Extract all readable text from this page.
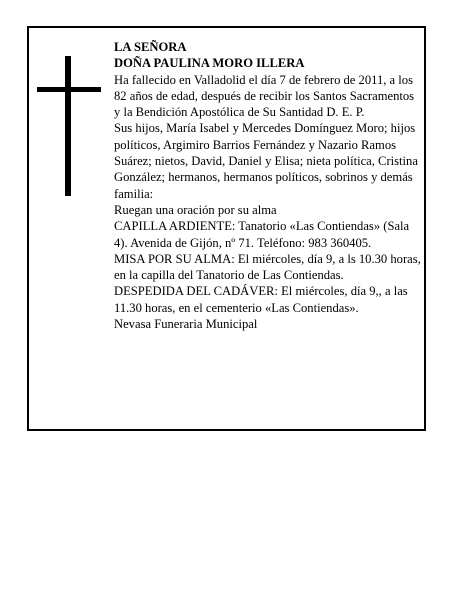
LA SEÑORA

DOÑA PAULINA MORO ILLERA

Ha fallecido en Valladolid el día 7 de febrero de 2011, a los 82 años de edad, después de recibir los Santos Sacramentos y la Bendición Apostólica de Su Santidad D. E. P.

Sus hijos, María Isabel y Mercedes Domínguez Moro; hijos políticos, Argimiro Barrios Fernández y Nazario Ramos Suárez; nietos, David, Daniel y Elisa; nieta política, Cristina González; hermanos, hermanos políticos, sobrinos y demás familia:

Ruegan una oración por su alma

CAPILLA ARDIENTE: Tanatorio «Las Contiendas» (Sala 4). Avenida de Gijón, nº 71. Teléfono: 983 360405.

MISA POR SU ALMA: El miércoles, día 9, a ls 10.30 horas, en la capilla del Tanatorio de Las Contiendas.

DESPEDIDA DEL CADÁVER: El miércoles, día 9,, a las 11.30 horas, en el cementerio «Las Contiendas».

Nevasa Funeraria Municipal
